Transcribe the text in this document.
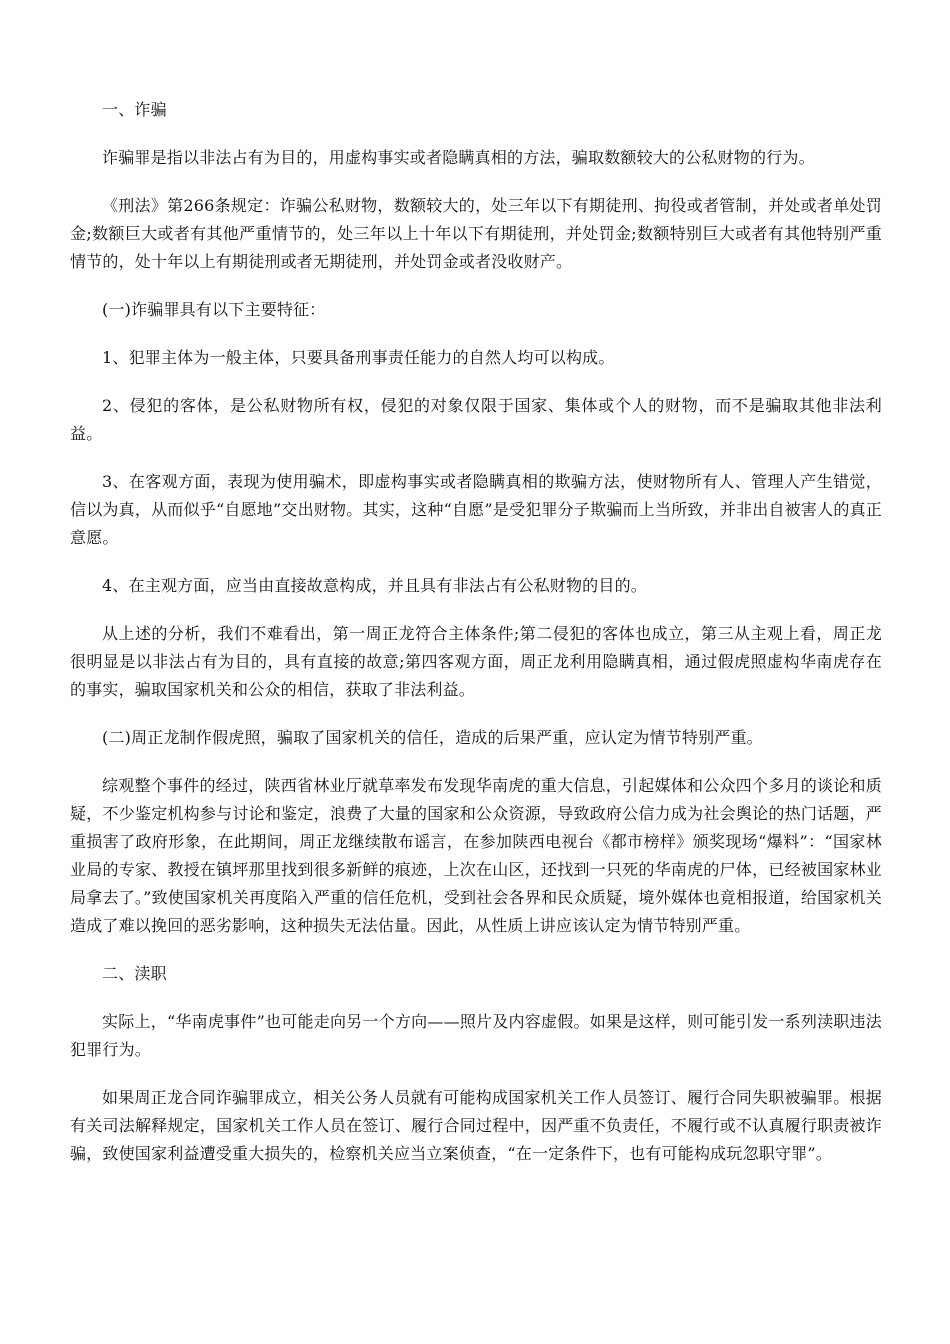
一、诈骗

诈骗罪是指以非法占有为目的，用虚构事实或者隐瞒真相的方法，骗取数额较大的公私财物的行为。

《刑法》第266条规定：诈骗公私财物，数额较大的，处三年以下有期徒刑、拘役或者管制，并处或者单处罚金;数额巨大或者有其他严重情节的，处三年以上十年以下有期徒刑，并处罚金;数额特别巨大或者有其他特别严重情节的，处十年以上有期徒刑或者无期徒刑，并处罚金或者没收财产。

(一)诈骗罪具有以下主要特征：

1、犯罪主体为一般主体，只要具备刑事责任能力的自然人均可以构成。

2、侵犯的客体，是公私财物所有权，侵犯的对象仅限于国家、集体或个人的财物，而不是骗取其他非法利益。

3、在客观方面，表现为使用骗术，即虚构事实或者隐瞒真相的欺骗方法，使财物所有人、管理人产生错觉，信以为真，从而似乎“自愿地”交出财物。其实，这种“自愿”是受犯罪分子欺骗而上当所致，并非出自被害人的真正意愿。

4、在主观方面，应当由直接故意构成，并且具有非法占有公私财物的目的。

从上述的分析，我们不难看出，第一周正龙符合主体条件;第二侵犯的客体也成立，第三从主观上看，周正龙很明显是以非法占有为目的，具有直接的故意;第四客观方面，周正龙利用隐瞒真相，通过假虎照虚构华南虎存在的事实，骗取国家机关和公众的相信，获取了非法利益。

(二)周正龙制作假虎照，骗取了国家机关的信任，造成的后果严重，应认定为情节特别严重。

综观整个事件的经过，陕西省林业厅就草率发布发现华南虎的重大信息，引起媒体和公众四个多月的谈论和质疑，不少鉴定机构参与讨论和鉴定，浪费了大量的国家和公众资源，导致政府公信力成为社会舆论的热门话题，严重损害了政府形象，在此期间，周正龙继续散布谣言，在参加陕西电视台《都市榜样》颁奖现场“爆料”：“国家林业局的专家、教授在镇坪那里找到很多新鲜的痕迹，上次在山区，还找到一只死的华南虎的尸体，已经被国家林业局拿去了。”致使国家机关再度陷入严重的信任危机，受到社会各界和民众质疑，境外媒体也竟相报道，给国家机关造成了难以挽回的恶劣影响，这种损失无法估量。因此，从性质上讲应该认定为情节特别严重。

二、渎职

实际上，“华南虎事件”也可能走向另一个方向——照片及内容虚假。如果是这样，则可能引发一系列渎职违法犯罪行为。

如果周正龙合同诈骗罪成立，相关公务人员就有可能构成国家机关工作人员签订、履行合同失职被骗罪。根据有关司法解释规定，国家机关工作人员在签订、履行合同过程中，因严重不负责任，不履行或不认真履行职责被诈骗，致使国家利益遭受重大损失的，检察机关应当立案侦查，“在一定条件下，也有可能构成玩忽职守罪”。
